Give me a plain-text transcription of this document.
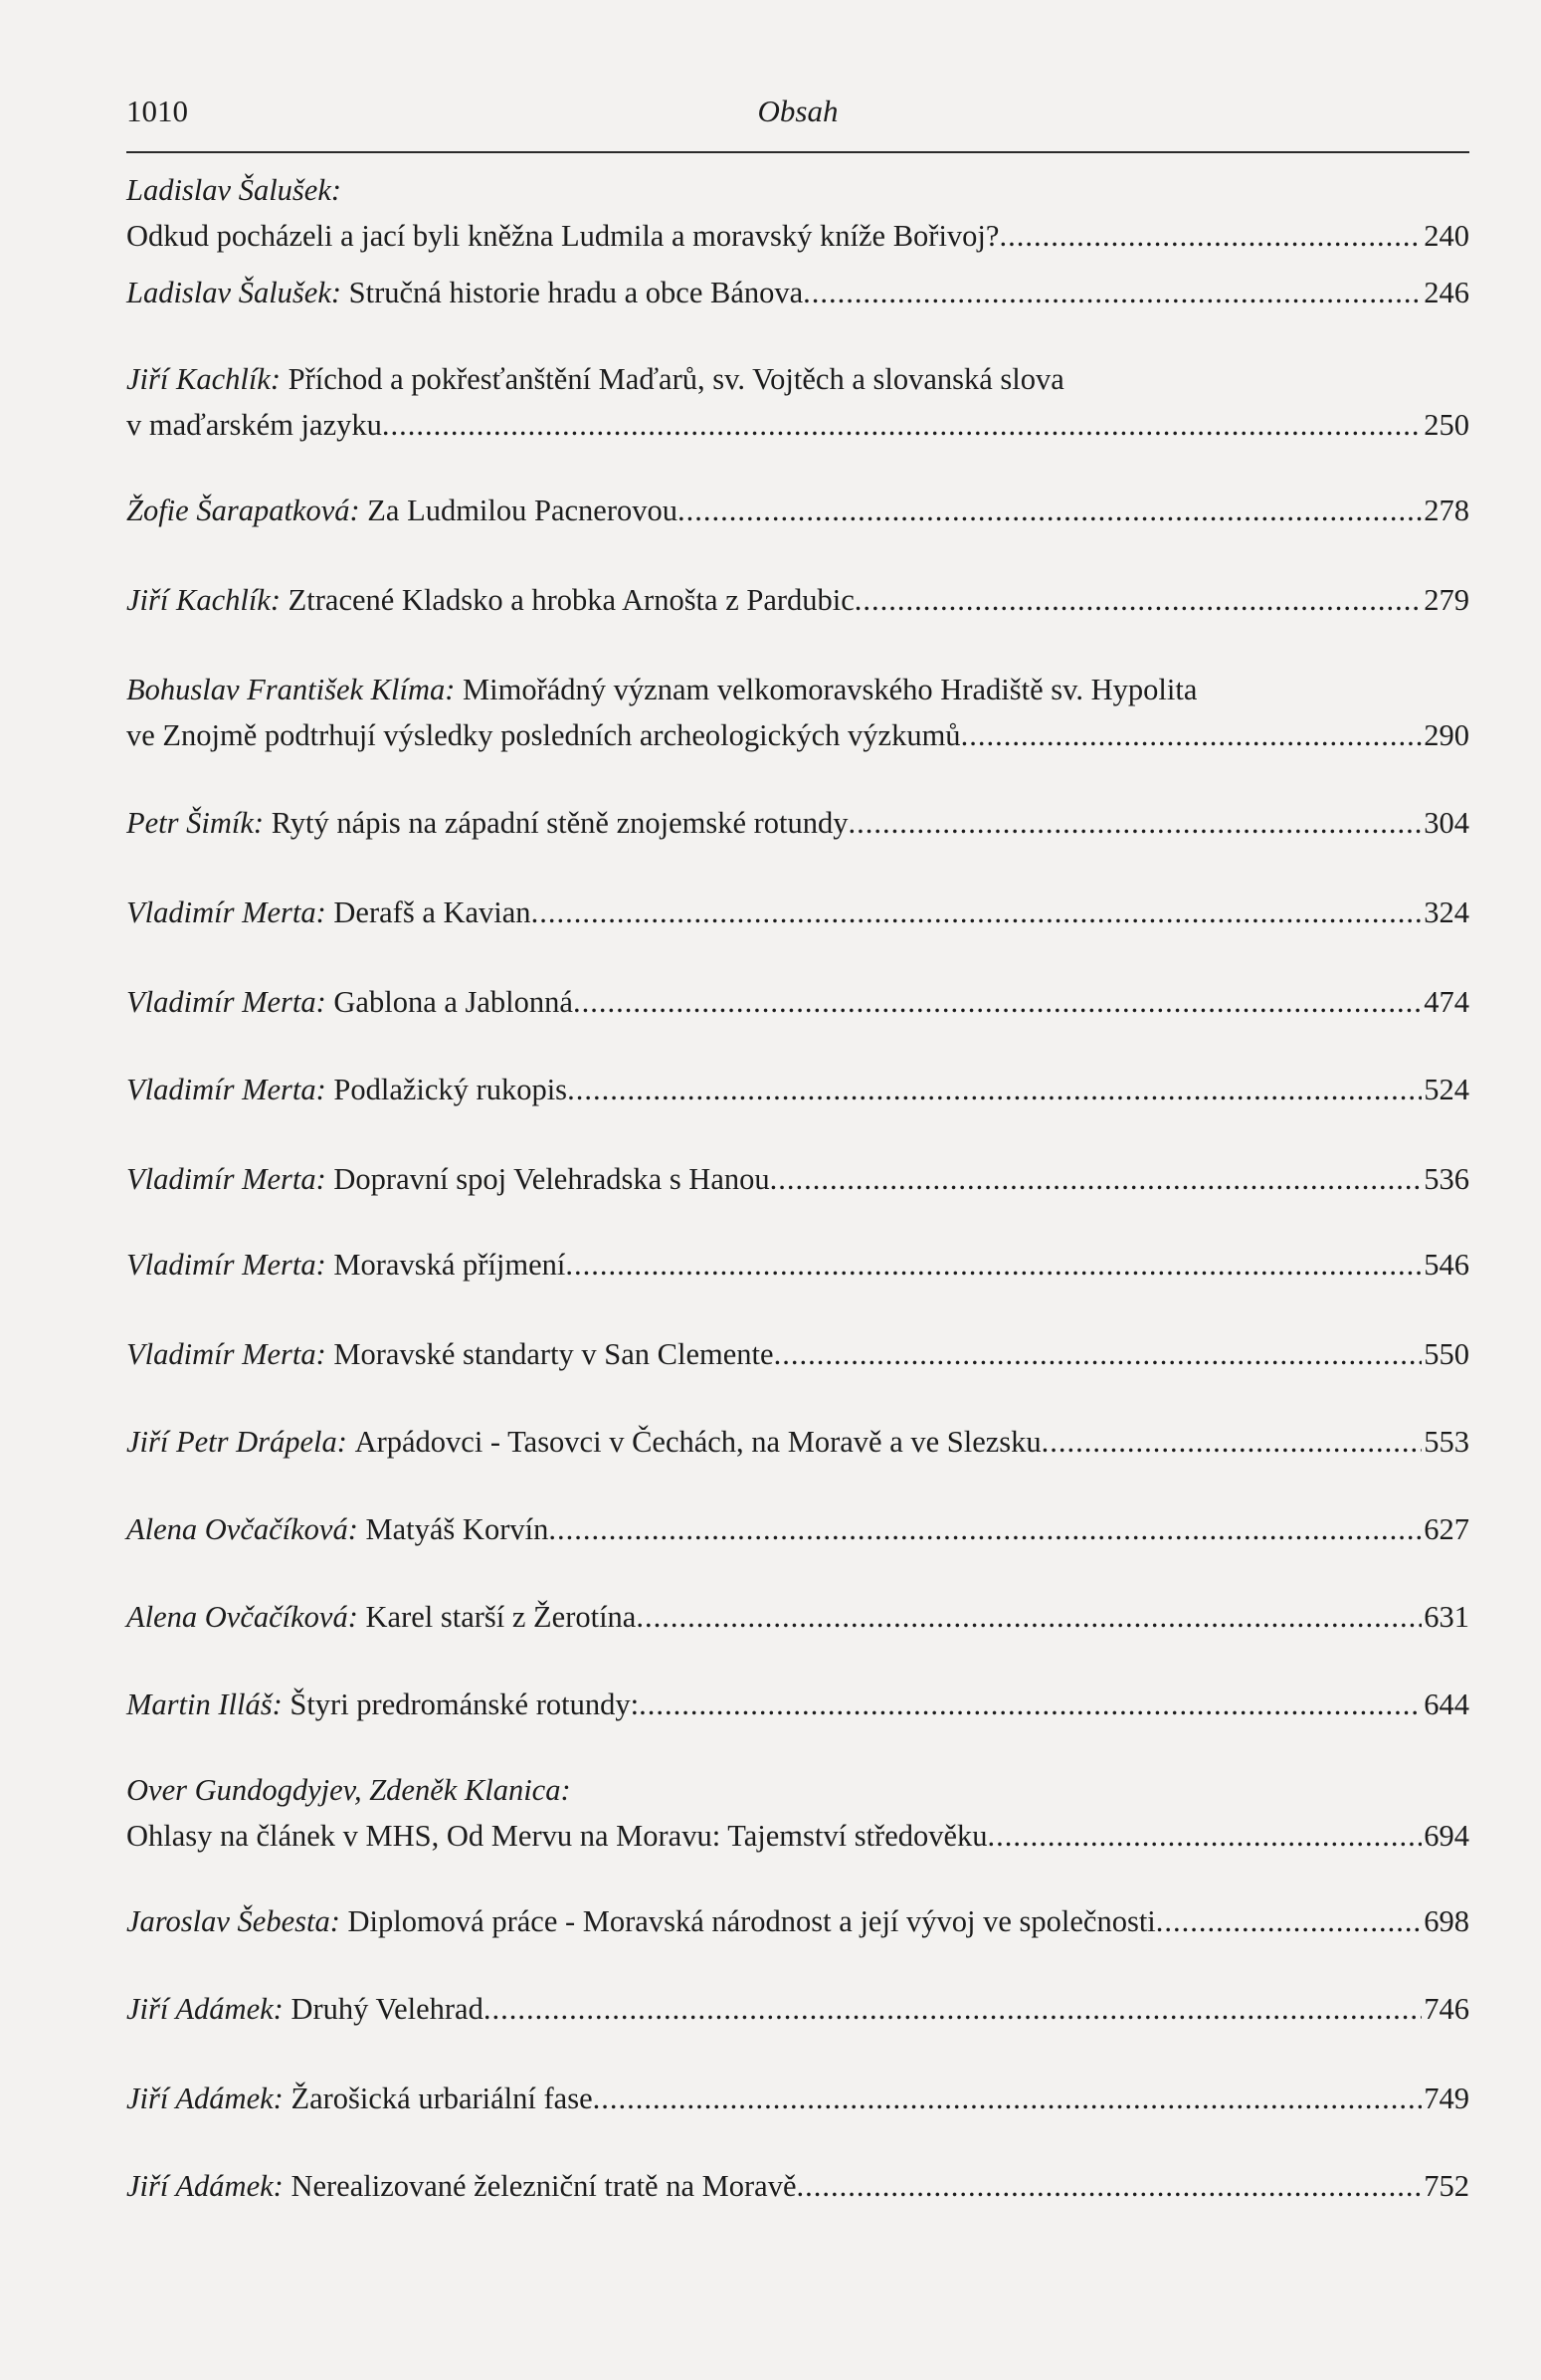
1010	Obsah
Ladislav Šalušek:
Odkud pocházeli a jací byli kněžna Ludmila a moravský kníže Bořivoj? .....	240
Ladislav Šalušek:
Stručná historie hradu a obce Bánova .....	246
Jiří Kachlík:
Příchod a pokřesťanštění Maďarů, sv. Vojtěch a slovanská slova
v maďarském jazyku .....	250
Žofie Šarapatková:
Za Ludmilou Pacnerovou .....	278
Jiří Kachlík:
Ztracené Kladsko a hrobka Arnošta z Pardubic .....	279
Bohuslav František Klíma:
Mimořádný význam velkomoravského Hradiště sv. Hypolita
ve Znojmě podtrhují výsledky posledních archeologických výzkumů .....	290
Petr Šimík:
Rytý nápis na západní stěně znojemské rotundy .....	304
Vladimír Merta:
Derafš a Kavian .....	324
Vladimír Merta:
Gablona a Jablonná .....	474
Vladimír Merta:
Podlažický rukopis .....	524
Vladimír Merta:
Dopravní spoj Velehradska s Hanou .....	536
Vladimír Merta:
Moravská příjmení .....	546
Vladimír Merta:
Moravské standarty v San Clemente .....	550
Jiří Petr Drápela:
Arpádovci - Tasovci v Čechách, na Moravě a ve Slezsku .....	553
Alena Ovčačíková:
Matyáš Korvín .....	627
Alena Ovčačíková:
Karel starší z Žerotína .....	631
Martin Illáš:
Štyri predrománské rotundy: .....	644
Over Gundogdyjev, Zdeněk Klanica:
Ohlasy na článek v MHS, Od Mervu na Moravu: Tajemství středověku .....	694
Jaroslav Šebesta:
Diplomová práce - Moravská národnost a její vývoj ve společnosti .....	698
Jiří Adámek:
Druhý Velehrad .....	746
Jiří Adámek:
Žarošická urbariální fase .....	749
Jiří Adámek:
Nerealizované železniční tratě na Moravě .....	752
